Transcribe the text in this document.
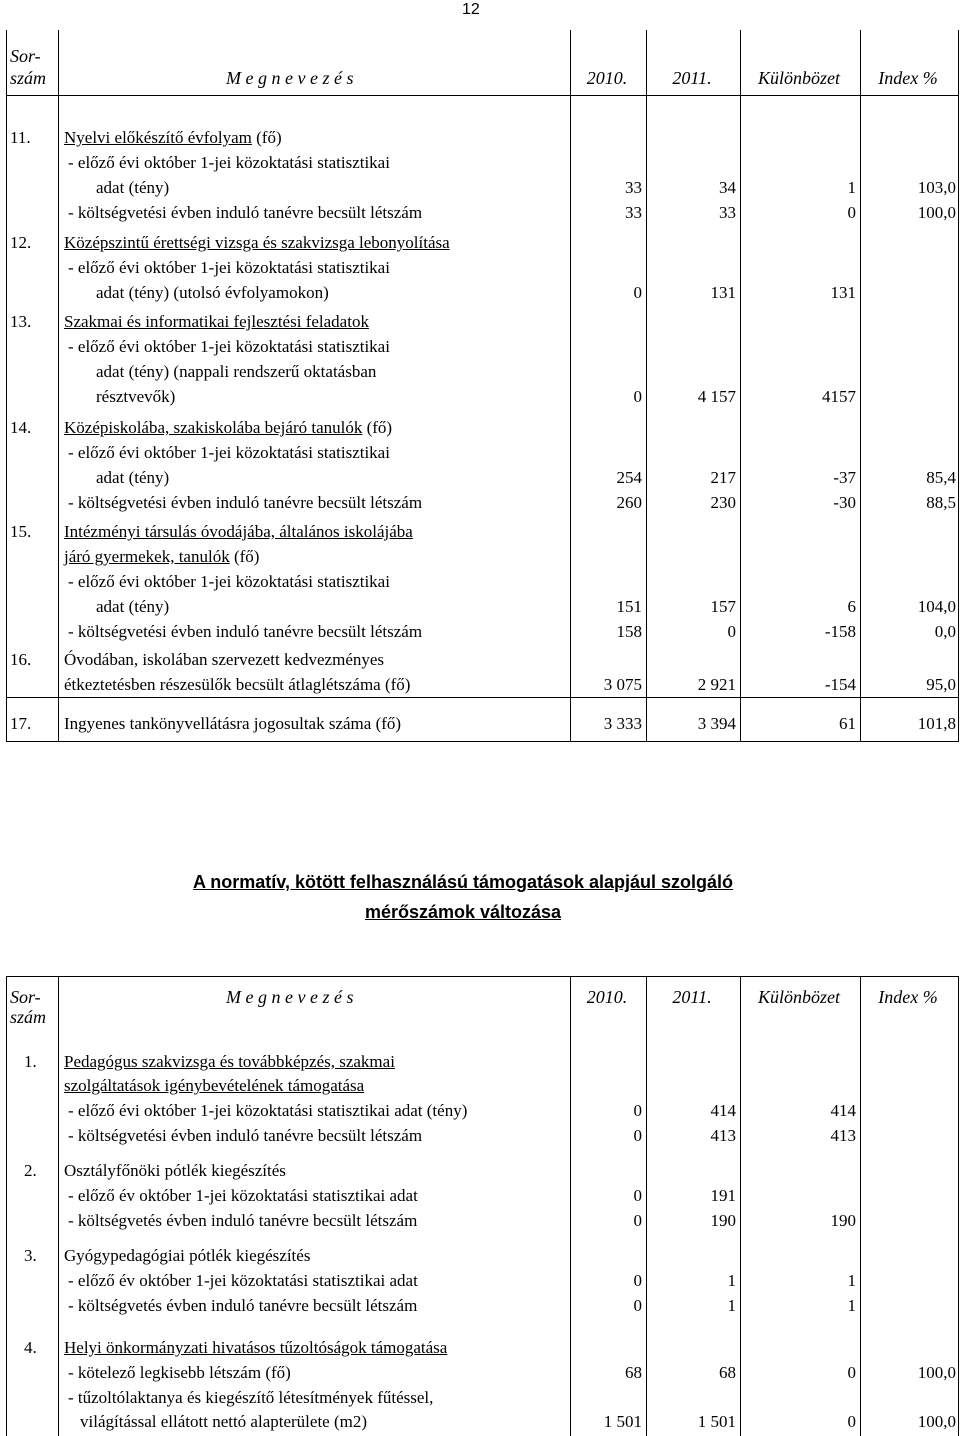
12
Sor-
szám	M e g n e v e z é s	2010.	2011.	Különbözet	Index %
11. Nyelvi előkészítő évfolyam (fő)
- előző évi október 1-jei közoktatási statisztikai
adat (tény)	33	34	1	103,0
- költségvetési évben induló tanévre becsült létszám	33	33	0	100,0
12. Középszintű érettségi vizsga és szakvizsga lebonyolítása
- előző évi október 1-jei közoktatási statisztikai
adat (tény) (utolsó évfolyamokon)	0	131	131
13. Szakmai és informatikai fejlesztési feladatok
- előző évi október 1-jei közoktatási statisztikai
adat (tény) (nappali rendszerű oktatásban
résztvevők)	0	4 157	4157
14. Középiskolába, szakiskolába bejáró tanulók (fő)
- előző évi október 1-jei közoktatási statisztikai
adat (tény)	254	217	-37	85,4
- költségvetési évben induló tanévre becsült létszám	260	230	-30	88,5
15. Intézményi társulás óvodájába, általános iskolájába
járó gyermekek, tanulók (fő)
- előző évi október 1-jei közoktatási statisztikai
adat (tény)	151	157	6	104,0
- költségvetési évben induló tanévre becsült létszám	158	0	-158	0,0
16. Óvodában, iskolában szervezett kedvezményes
étkeztetésben részesülők becsült átlaglétszáma (fő)	3 075	2 921	-154	95,0
17. Ingyenes tankönyvellátásra jogosultak száma (fő)	3 333	3 394	61	101,8
A normatív, kötött felhasználású támogatások alapjául szolgáló
mérőszámok változása
Sor-
szám
M e g n e v e z é s	2010.	2011.	Különbözet	Index %
1. Pedagógus szakvizsga és továbbképzés, szakmai
szolgáltatások igénybevételének támogatása
- előző évi október 1-jei közoktatási statisztikai adat (tény)	0	414	414
- költségvetési évben induló tanévre becsült létszám	0	413	413
2. Osztályfőnöki pótlék kiegészítés
- előző év október 1-jei közoktatási statisztikai adat	0	191
- költségvetés évben induló tanévre becsült létszám	0	190	190
3. Gyógypedagógiai pótlék kiegészítés
- előző év október 1-jei közoktatási statisztikai adat	0	1	1
- költségvetés évben induló tanévre becsült létszám	0	1	1
4. Helyi önkormányzati hivatásos tűzoltóságok támogatása
- kötelező legkisebb létszám (fő)	68	68	0	100,0
- tűzoltólaktanya és kiegészítő létesítmények fűtéssel,
világítással ellátott nettó alapterülete (m2)	1 501	1 501	0	100,0
